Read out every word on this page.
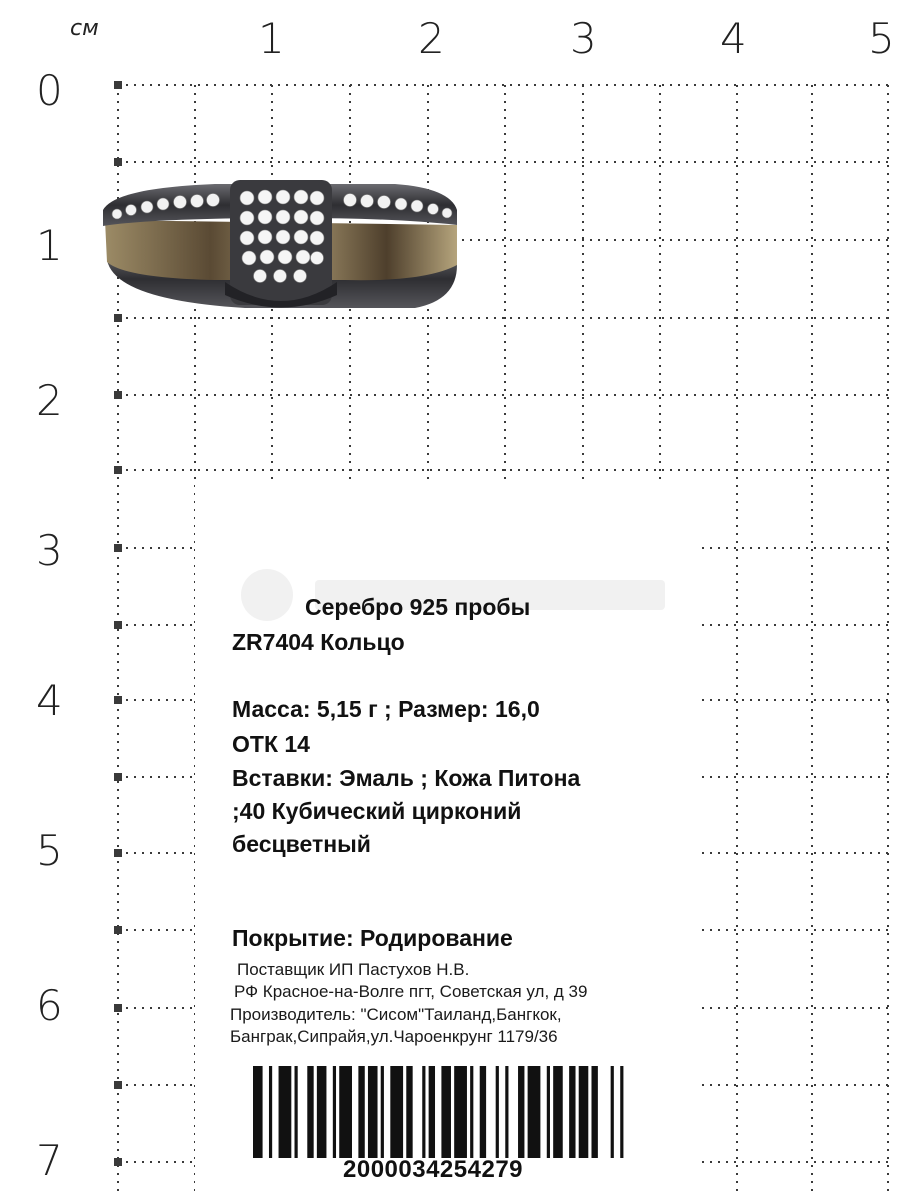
см	1	2	3	4	5
0
1
2
3
4
5
6
7
Серебро 925 пробы
ZR7404 Кольцо
Масса: 5,15 г ; Размер: 16,0
ОТК 14
Вставки: Эмаль ; Кожа Питона
;40 Кубический цирконий
бесцветный
Покрытие: Родирование
Поставщик ИП Пастухов Н.В.
РФ Красное-на-Волге пгт, Советская ул, д 39
Производитель: "Сисом"Таиланд,Бангкок,
Банграк,Сипрайя,ул.Чароенкрунг 1179/36
2000034254279
